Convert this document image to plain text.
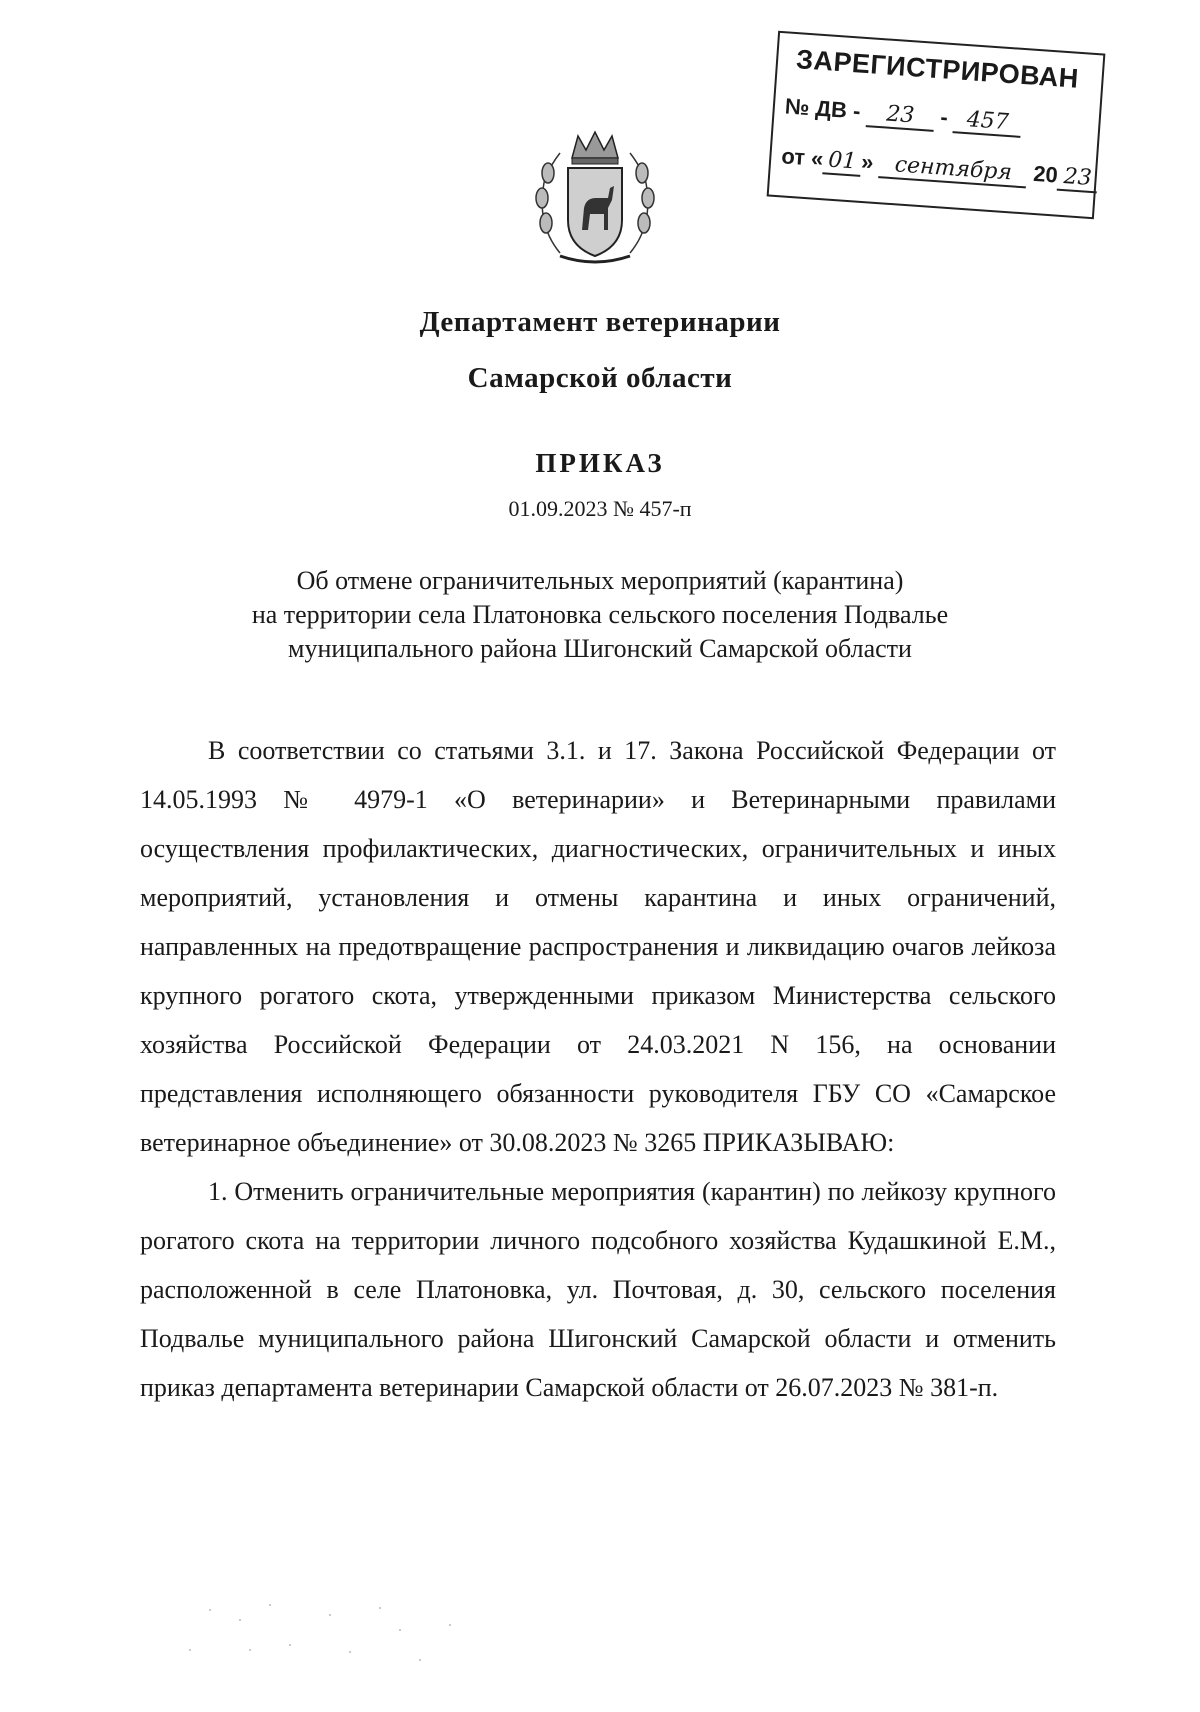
ЗАРЕГИСТРИРОВАН
№ ДВ - 23 - 457
от « 01 » сентября 20 23
Департамент ветеринарии
Самарской области
ПРИКАЗ
01.09.2023 № 457-п
Об отмене ограничительных мероприятий (карантина)
на территории села Платоновка сельского поселения Подвалье
муниципального района Шигонский Самарской области

В соответствии со статьями 3.1. и 17. Закона Российской Федерации от 14.05.1993 № 4979-1 «О ветеринарии» и Ветеринарными правилами осуществления профилактических, диагностических, ограничительных и иных мероприятий, установления и отмены карантина и иных ограничений, направленных на предотвращение распространения и ликвидацию очагов лейкоза крупного рогатого скота, утвержденными приказом Министерства сельского хозяйства Российской Федерации от 24.03.2021 N 156, на основании представления исполняющего обязанности руководителя ГБУ СО «Самарское ветеринарное объединение» от 30.08.2023 № 3265 ПРИКАЗЫВАЮ:

1. Отменить ограничительные мероприятия (карантин) по лейкозу крупного рогатого скота на территории личного подсобного хозяйства Кудашкиной Е.М., расположенной в селе Платоновка, ул. Почтовая, д. 30, сельского поселения Подвалье муниципального района Шигонский Самарской области и отменить приказ департамента ветеринарии Самарской области от 26.07.2023 № 381-п.
